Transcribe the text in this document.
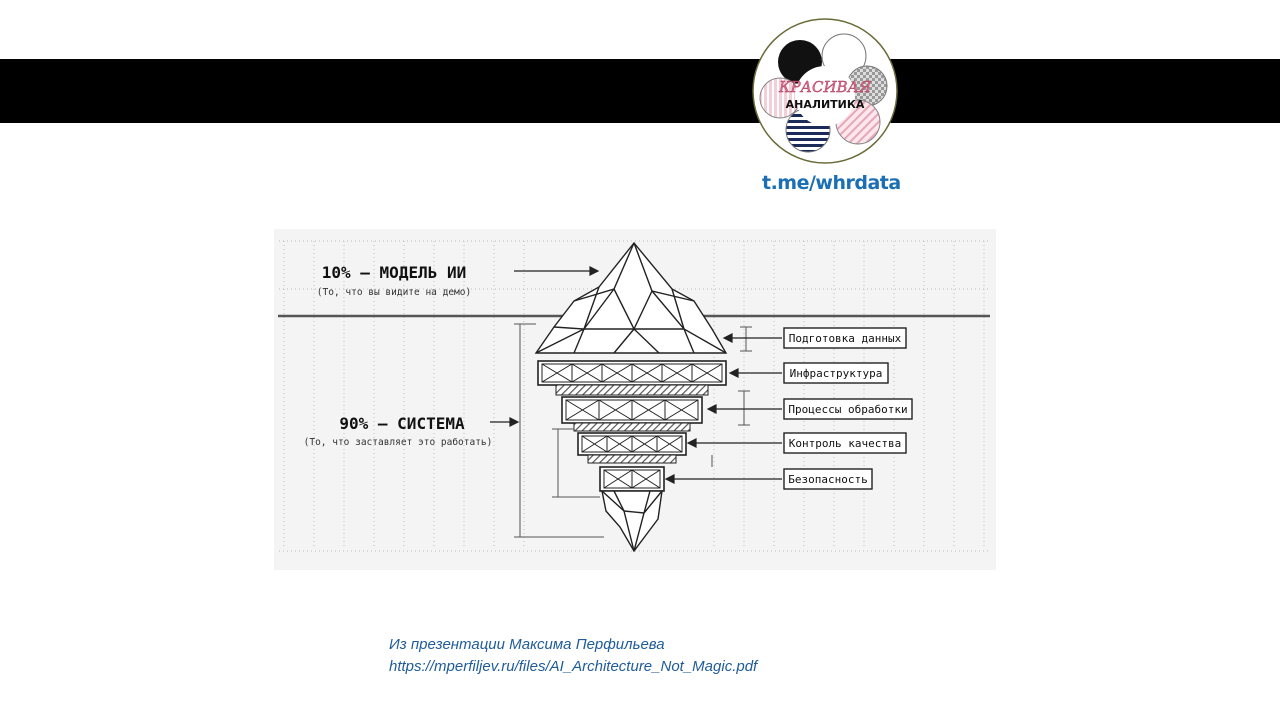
КРАСИВАЯ
АНАЛИТИКА
t.me/whrdata
10% — МОДЕЛЬ ИИ
(То, что вы видите на демо)
90% — СИСТЕМА
(То, что заставляет это работать)
Подготовка данных
Инфраструктура
Процессы обработки
Контроль качества
Безопасность
Из презентации Максима Перфильева
https://mperfiljev.ru/files/AI_Architecture_Not_Magic.pdf
